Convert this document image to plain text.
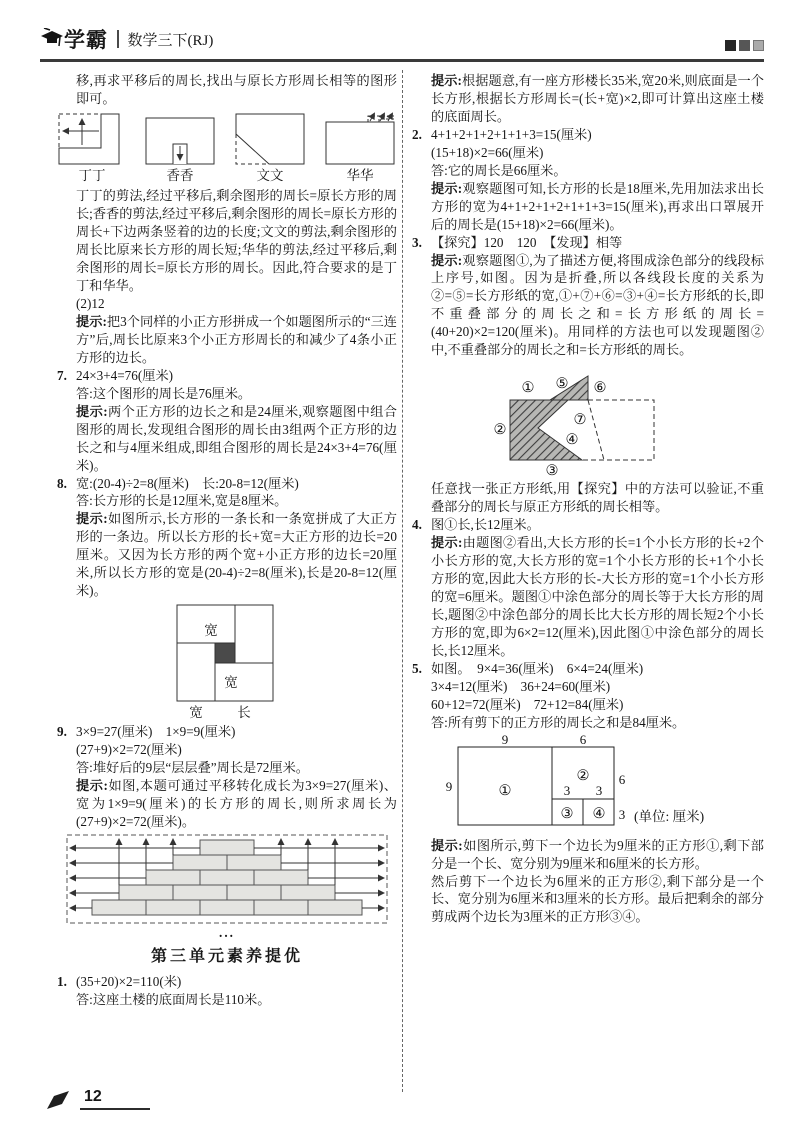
学霸 数学三下(RJ)

移,再求平移后的周长,找出与原长方形周长相等的图形即可。

丁丁	香香	文文	华华

丁丁的剪法,经过平移后,剩余图形的周长=原长方形的周长;香香的剪法,经过平移后,剩余图形的周长=原长方形的周长+下边两条竖着的边的长度;文文的剪法,剩余图形的周长比原来长方形的周长短;华华的剪法,经过平移后,剩余图形的周长=原长方形的周长。因此,符合要求的是丁丁和华华。

(2)12

提示:把3个同样的小正方形拼成一个如题图所示的“三连方”后,周长比原来3个小正方形周长的和减少了4条小正方形的边长。

7. 24×3+4=76(厘米)

答:这个图形的周长是76厘米。

提示:两个正方形的边长之和是24厘米,观察题图中组合图形的周长,发现组合图形的周长由3组两个正方形的边长之和与4厘米组成,即组合图形的周长是24×3+4=76(厘米)。

8. 宽:(20-4)÷2=8(厘米)　长:20-8=12(厘米)

答:长方形的长是12厘米,宽是8厘米。

提示:如图所示,长方形的一条长和一条宽拼成了大正方形的一条边。所以长方形的长+宽=大正方形的边长=20厘米。又因为长方形的两个宽+小正方形的边长=20厘米,所以长方形的宽是(20-4)÷2=8(厘米),长是20-8=12(厘米)。

宽
宽
宽	长

9. 3×9=27(厘米)　1×9=9(厘米)

(27+9)×2=72(厘米)

答:堆好后的9层“层层叠”周长是72厘米。

提示:如图,本题可通过平移转化成长为3×9=27(厘米)、宽为1×9=9(厘米)的长方形的周长,则所求周长为(27+9)×2=72(厘米)。

...

第三单元素养提优

1. (35+20)×2=110(米)

答:这座土楼的底面周长是110米。

提示:根据题意,有一座方形楼长35米,宽20米,则底面是一个长方形,根据长方形周长=(长+宽)×2,即可计算出这座土楼的底面周长。

2. 4+1+2+1+2+1+1+3=15(厘米)

(15+18)×2=66(厘米)

答:它的周长是66厘米。

提示:观察题图可知,长方形的长是18厘米,先用加法求出长方形的宽为4+1+2+1+2+1+1+3=15(厘米),再求出口罩展开后的周长是(15+18)×2=66(厘米)。

3. 【探究】120　120　【发现】相等

提示:观察题图①,为了描述方便,将围成涂色部分的线段标上序号,如图。因为是折叠,所以各线段长度的关系为②=⑤=长方形纸的宽,①+⑦+⑥=③+④=长方形纸的长,即不重叠部分的周长之和=长方形纸的周长=(40+20)×2=120(厘米)。用同样的方法也可以发现题图②中,不重叠部分的周长之和=长方形纸的周长。

① ⑤ ⑥
②
⑦
④
③

任意找一张正方形纸,用【探究】中的方法可以验证,不重叠部分的周长与原正方形纸的周长相等。

4. 图①长,长12厘米。

提示:由题图②看出,大长方形的长=1个小长方形的长+2个小长方形的宽,大长方形的宽=1个小长方形的长+1个小长方形的宽,因此大长方形的长-大长方形的宽=1个小长方形的宽=6厘米。题图①中涂色部分的周长等于大长方形的周长,题图②中涂色部分的周长比大长方形的周长短2个小长方形的宽,即为6×2=12(厘米),因此图①中涂色部分的周长长,长12厘米。

5. 如图。　9×4=36(厘米)　6×4=24(厘米)

3×4=12(厘米)　36+24=60(厘米)

60+12=72(厘米)　72+12=84(厘米)

答:所有剪下的正方形的周长之和是84厘米。

9	6
9	6
3 3
3 (单位: 厘米)
①
②
③ ④

提示:如图所示,剪下一个边长为9厘米的正方形①,剩下部分是一个长、宽分别为9厘米和6厘米的长方形。

然后剪下一个边长为6厘米的正方形②,剩下部分是一个长、宽分别为6厘米和3厘米的长方形。最后把剩余的部分剪成两个边长为3厘米的正方形③④。

12
